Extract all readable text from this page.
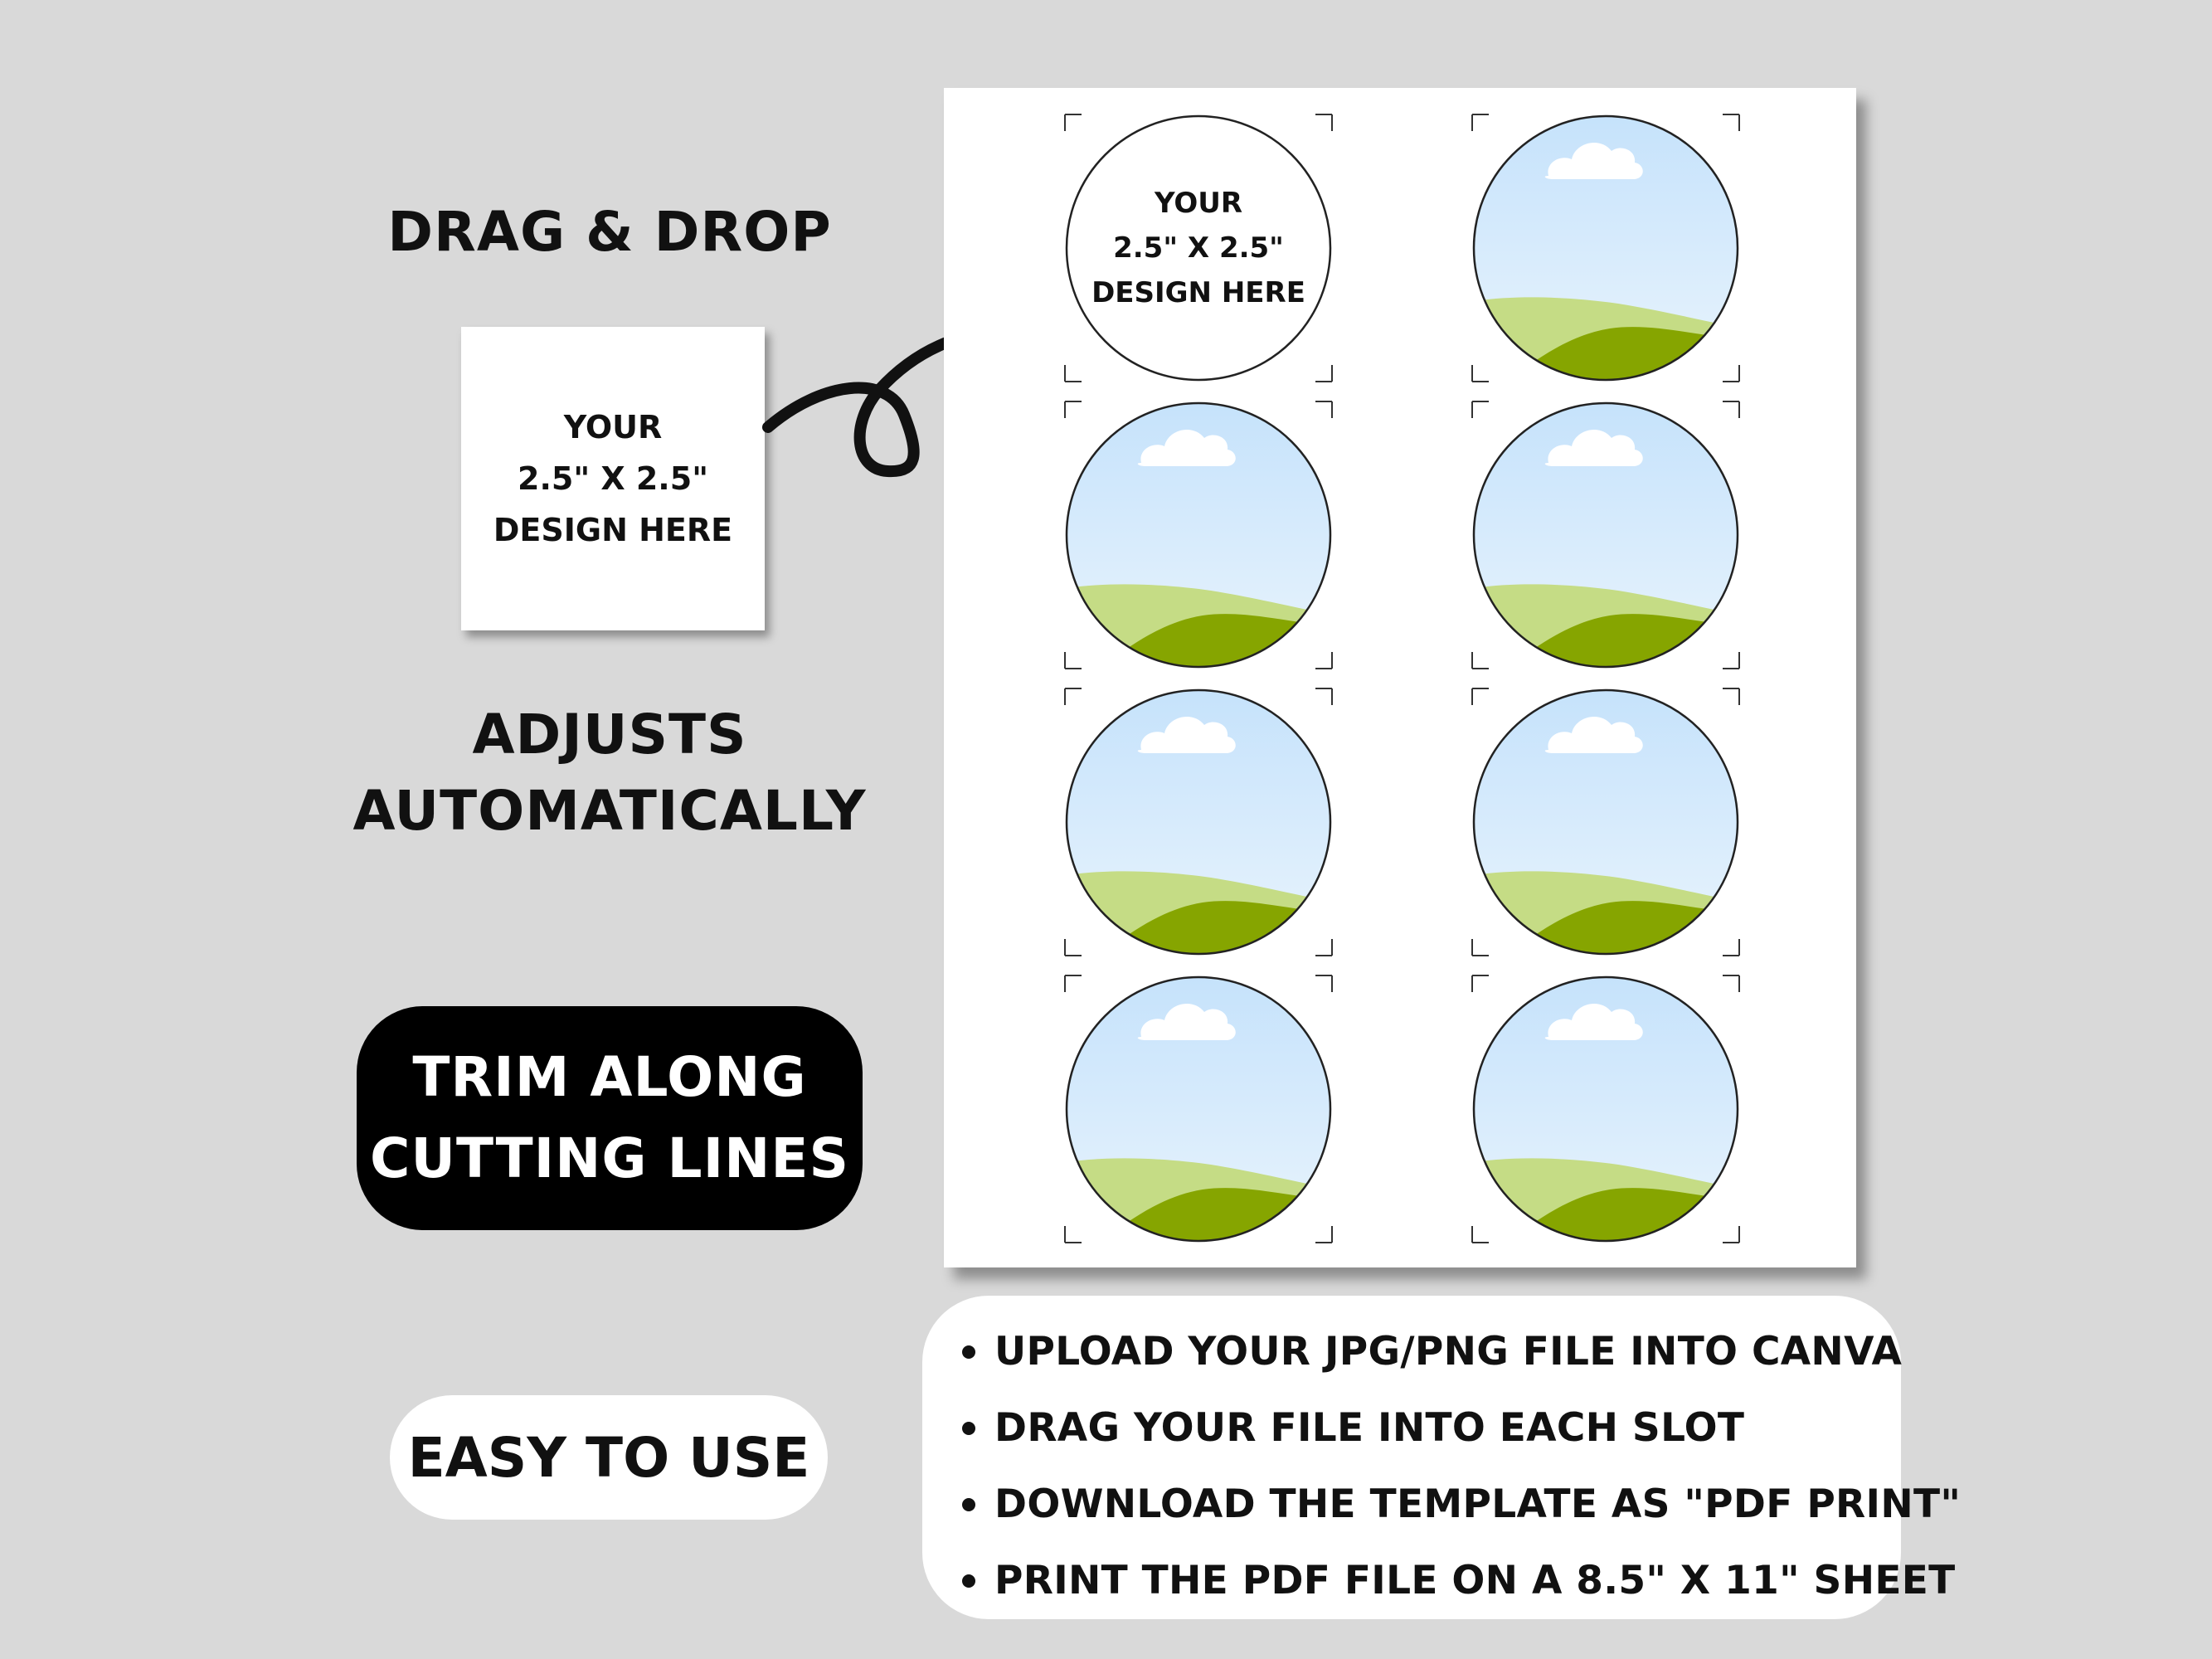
DRAG & DROP
YOUR
2.5" X 2.5"
DESIGN HERE
ADJUSTS
AUTOMATICALLY
TRIM ALONG
CUTTING LINES
EASY TO USE
YOUR
2.5" X 2.5"
DESIGN HERE
UPLOAD YOUR JPG/PNG FILE INTO CANVA
DRAG YOUR FILE INTO EACH SLOT
DOWNLOAD THE TEMPLATE AS "PDF PRINT"
PRINT THE PDF FILE ON A 8.5" X 11" SHEET
